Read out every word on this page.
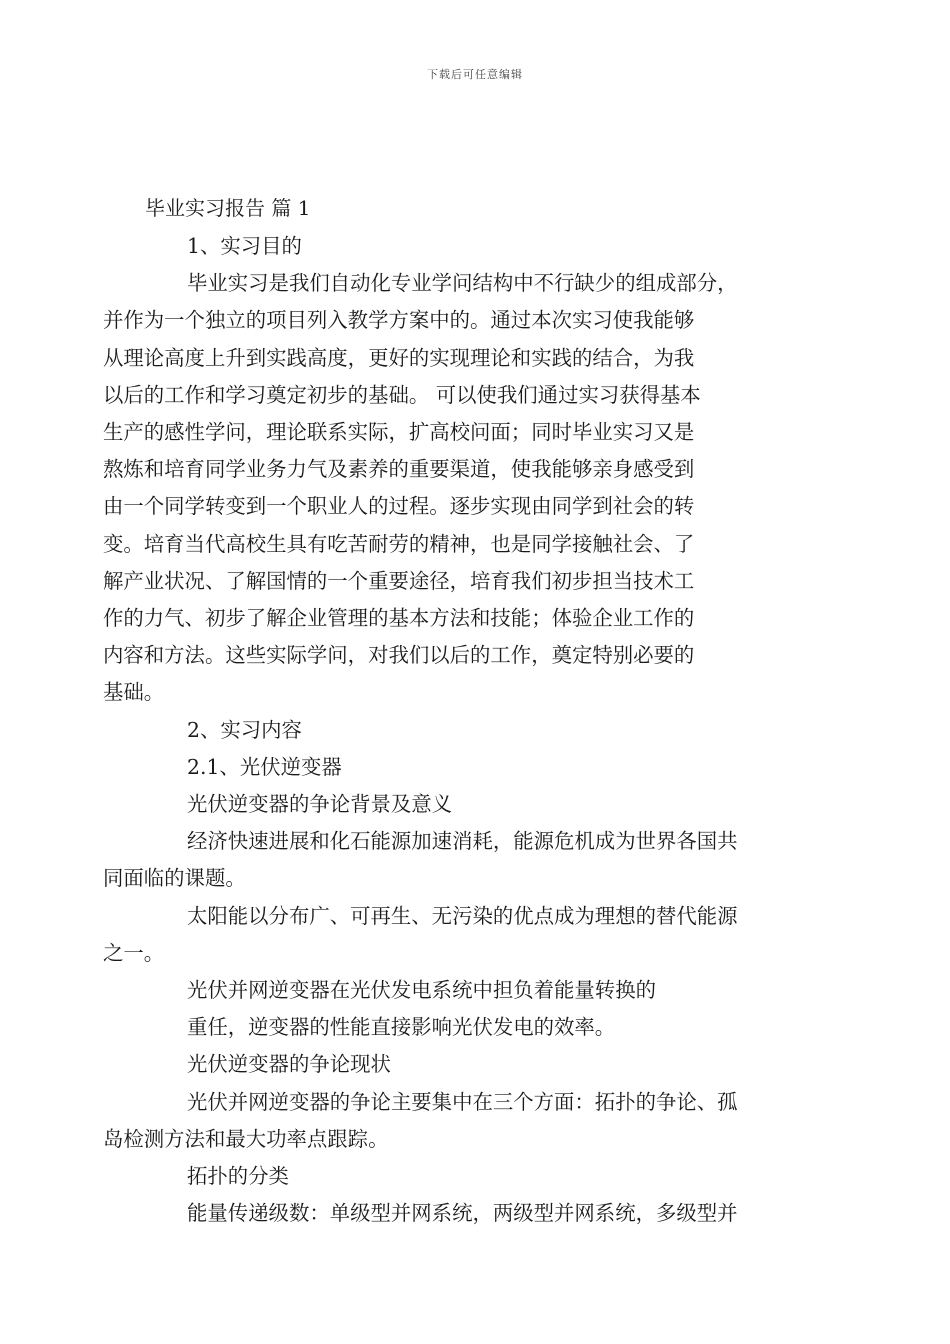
下载后可任意编辑
毕业实习报告 篇 1
1、实习目的
毕业实习是我们自动化专业学问结构中不行缺少的组成部分，
并作为一个独立的项目列入教学方案中的。通过本次实习使我能够
从理论高度上升到实践高度，更好的实现理论和实践的结合，为我
以后的工作和学习奠定初步的基础。 可以使我们通过实习获得基本
生产的感性学问，理论联系实际，扩高校问面；同时毕业实习又是
熬炼和培育同学业务力气及素养的重要渠道，使我能够亲身感受到
由一个同学转变到一个职业人的过程。逐步实现由同学到社会的转
变。培育当代高校生具有吃苦耐劳的精神，也是同学接触社会、了
解产业状况、了解国情的一个重要途径，培育我们初步担当技术工
作的力气、初步了解企业管理的基本方法和技能；体验企业工作的
内容和方法。这些实际学问，对我们以后的工作，奠定特别必要的
基础。
2、实习内容
2.1、光伏逆变器
光伏逆变器的争论背景及意义
经济快速进展和化石能源加速消耗，能源危机成为世界各国共
同面临的课题。
太阳能以分布广、可再生、无污染的优点成为理想的替代能源
之一。
光伏并网逆变器在光伏发电系统中担负着能量转换的
重任，逆变器的性能直接影响光伏发电的效率。
光伏逆变器的争论现状
光伏并网逆变器的争论主要集中在三个方面：拓扑的争论、孤
岛检测方法和最大功率点跟踪。
拓扑的分类
能量传递级数：单级型并网系统，两级型并网系统，多级型并
